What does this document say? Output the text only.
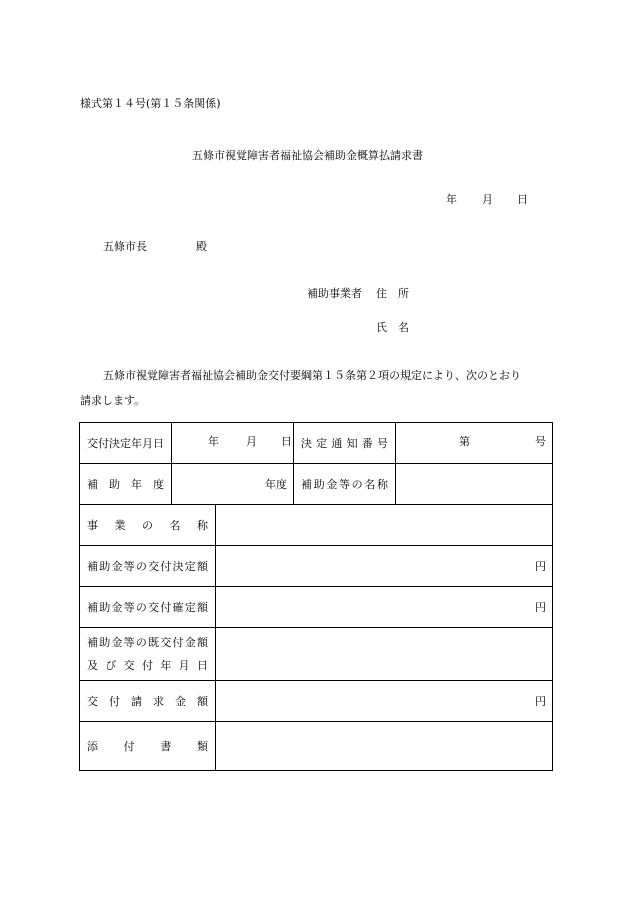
様式第１４号(第１５条関係)
五條市視覚障害者福祉協会補助金概算払請求書
年 月 日
五條市長	殿
補助事業者 住　所
氏　名
五條市視覚障害者福祉協会補助金交付要綱第１５条第２項の規定により、次のとおり
請求します。
交付決定年月日	年 月 日		決定通知番号	第 号

補助年度	年度		補助金等の名称	

事業の名称				

補助金等の交付決定額		円		

補助金等の交付確定額		円		

補助金等の既交付金額
及び交付年月日				

交付請求金額		円		

添付書類				
